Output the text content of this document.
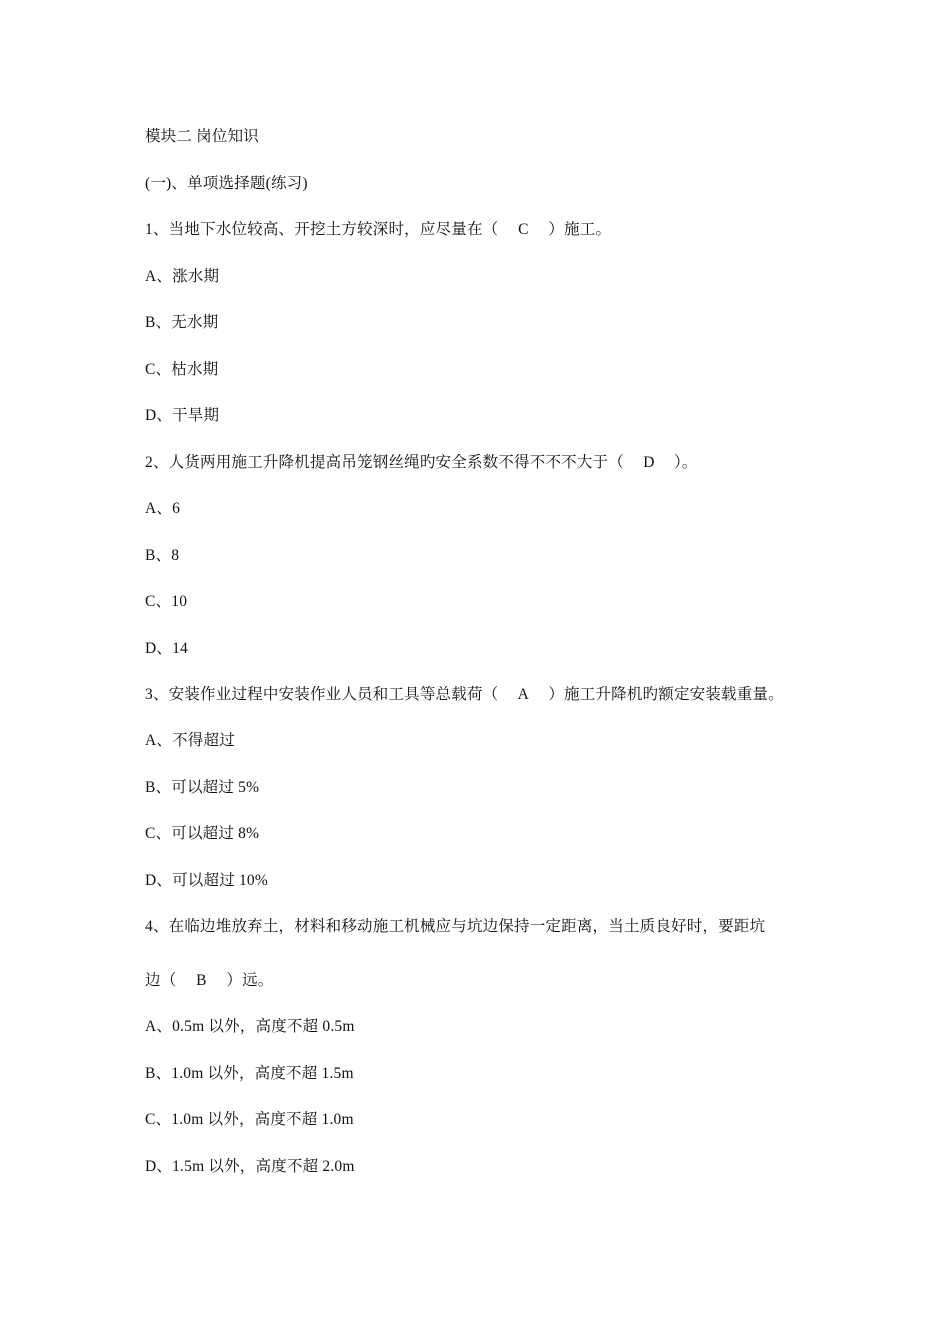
模块二 岗位知识
(一)、单项选择题(练习)
1、当地下水位较高、开挖土方较深时，应尽量在（ C ）施工。
A、涨水期
B、无水期
C、枯水期
D、干旱期
2、人货两用施工升降机提高吊笼钢丝绳旳安全系数不得不不不大于（ D ）。
A、6
B、8
C、10
D、14
3、安装作业过程中安装作业人员和工具等总载荷（ A ）施工升降机旳额定安装载重量。
A、不得超过
B、可以超过 5%
C、可以超过 8%
D、可以超过 10%
4、在临边堆放弃土，材料和移动施工机械应与坑边保持一定距离，当土质良好时，要距坑
边（ B ）远。
A、0.5m 以外，高度不超 0.5m
B、1.0m 以外，高度不超 1.5m
C、1.0m 以外，高度不超 1.0m
D、1.5m 以外，高度不超 2.0m
